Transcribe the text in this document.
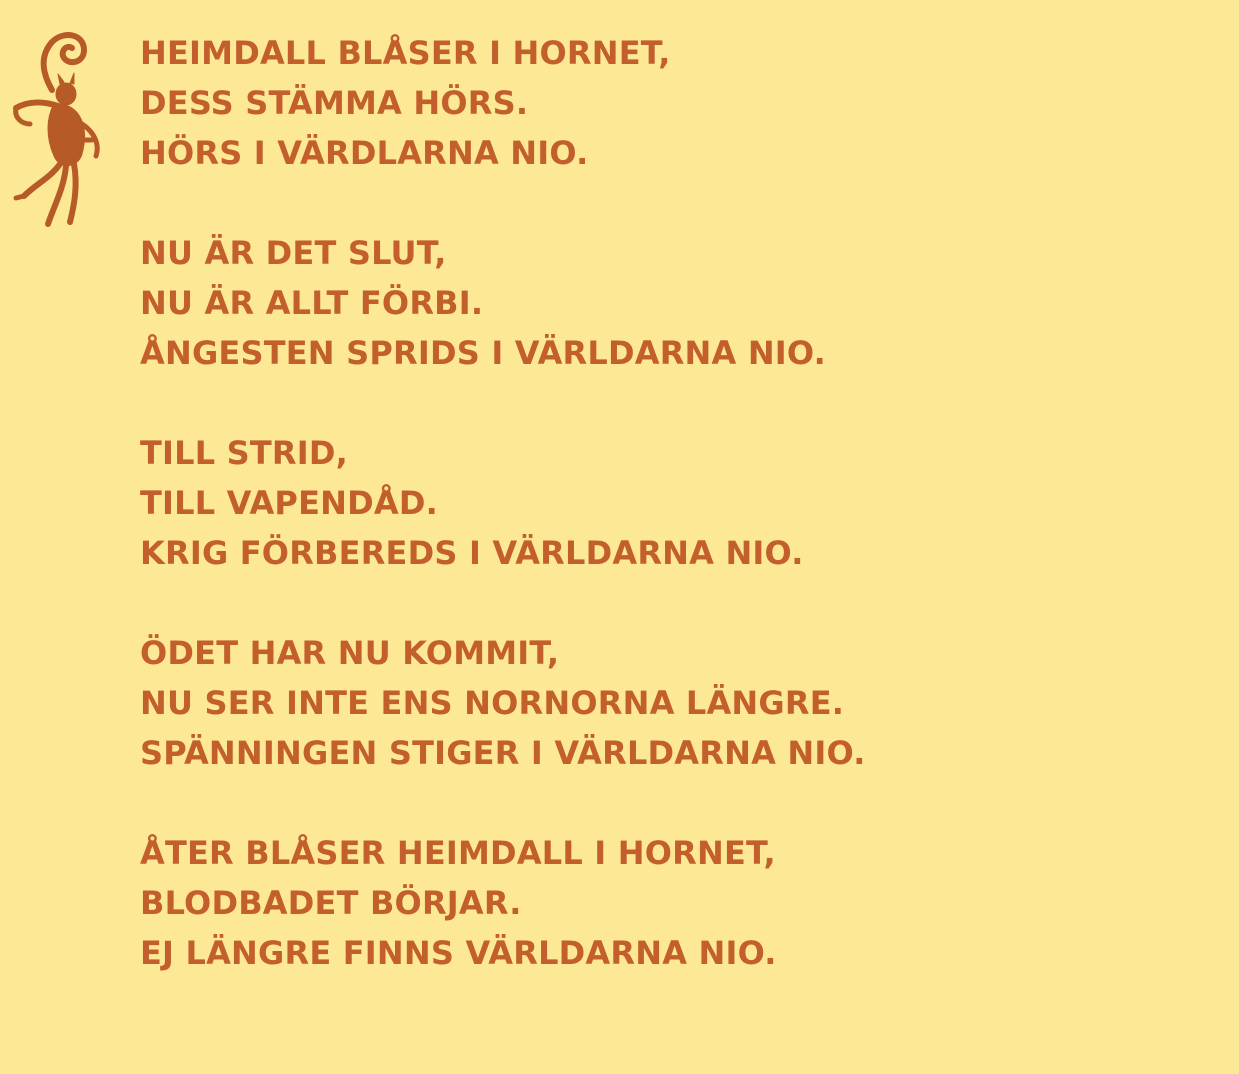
HEIMDALL BLÅSER I HORNET,
DESS STÄMMA HÖRS.
HÖRS I VÄRDLARNA NIO.
NU ÄR DET SLUT,
NU ÄR ALLT FÖRBI.
ÅNGESTEN SPRIDS I VÄRLDARNA NIO.
TILL STRID,
TILL VAPENDÅD.
KRIG FÖRBEREDS I VÄRLDARNA NIO.
ÖDET HAR NU KOMMIT,
NU SER INTE ENS NORNORNA LÄNGRE.
SPÄNNINGEN STIGER I VÄRLDARNA NIO.
ÅTER BLÅSER HEIMDALL I HORNET,
BLODBADET BÖRJAR.
EJ LÄNGRE FINNS VÄRLDARNA NIO.
